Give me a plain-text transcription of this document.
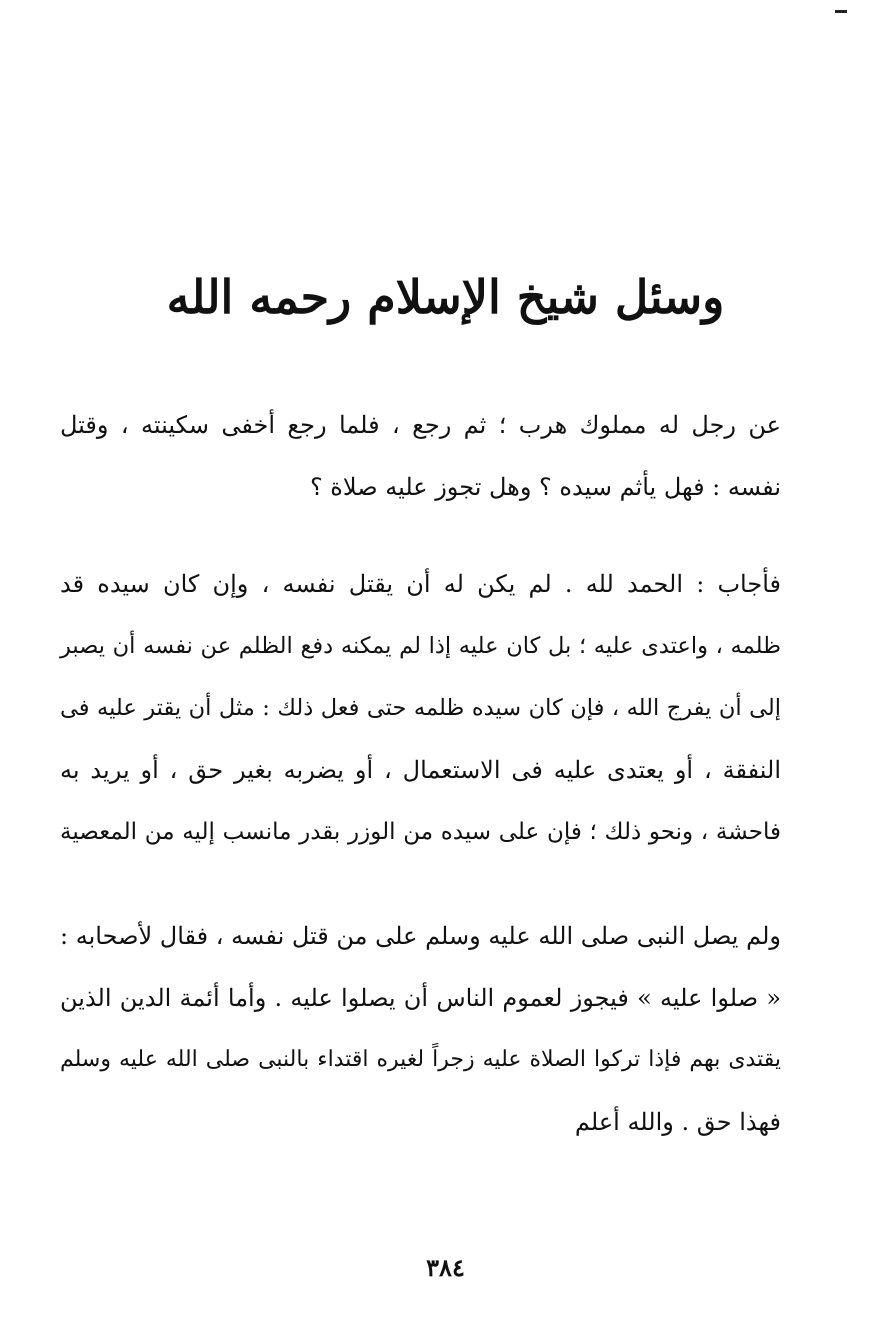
وسئل شيخ الإسلام رحمه الله
عن رجل له مملوك هرب ؛ ثم رجع ، فلما رجع أخفى سكينته ، وقتل
نفسه : فهل يأثم سيده ؟ وهل تجوز عليه صلاة ؟
فأجاب : الحمد لله . لم يكن له أن يقتل نفسه ، وإن كان سيده قد
ظلمه ، واعتدى عليه ؛ بل كان عليه إذا لم يمكنه دفع الظلم عن نفسه أن يصبر
إلى أن يفرج الله ، فإن كان سيده ظلمه حتى فعل ذلك : مثل أن يقتر عليه فى
النفقة ، أو يعتدى عليه فى الاستعمال ، أو يضربه بغير حق ، أو يريد به
فاحشة ، ونحو ذلك ؛ فإن على سيده من الوزر بقدر مانسب إليه من المعصية
ولم يصل النبى صلى الله عليه وسلم على من قتل نفسه ، فقال لأصحابه :
« صلوا عليه » فيجوز لعموم الناس أن يصلوا عليه . وأما أئمة الدين الذين
يقتدى بهم فإذا تركوا الصلاة عليه زجراً لغيره اقتداء بالنبى صلى الله عليه وسلم
فهذا حق . والله أعلم
٣٨٤
